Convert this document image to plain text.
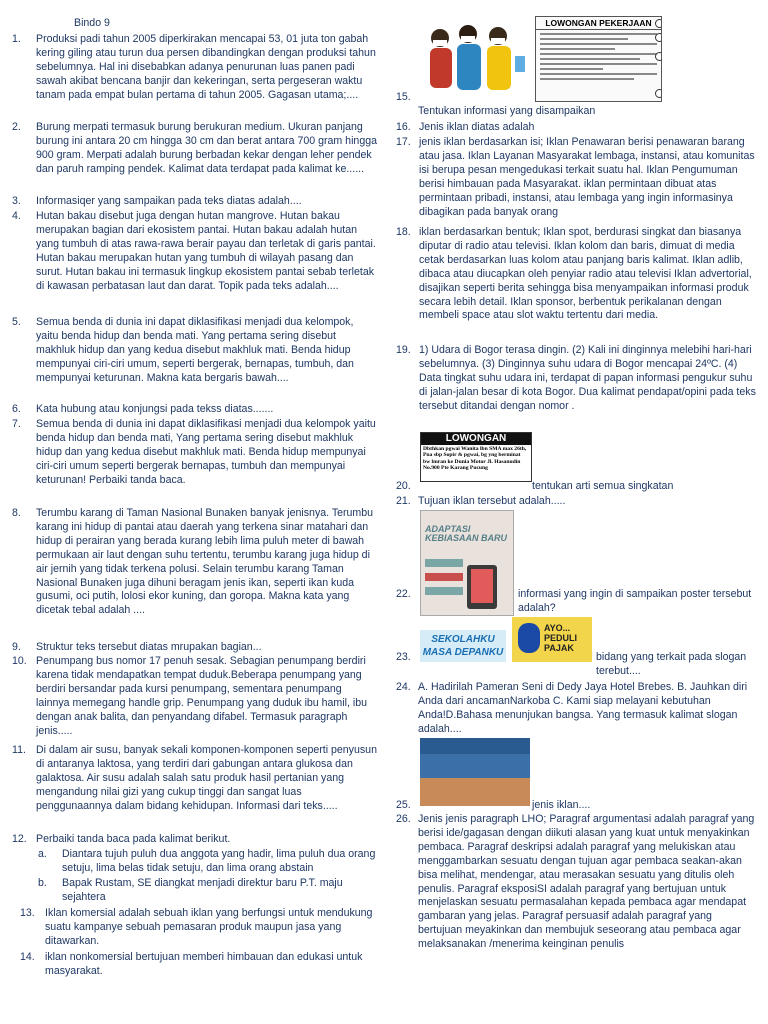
Bindo 9
1.	Produksi padi tahun 2005 diperkirakan mencapai 53, 01 juta ton gabah kering giling atau turun dua persen dibandingkan dengan produksi tahun sebelumnya. Hal ini disebabkan adanya penurunan luas panen padi sawah akibat bencana banjir dan kekeringan, serta pergeseran waktu tanam pada empat bulan pertama di tahun 2005. Gagasan utama;....
2.	Burung merpati termasuk burung berukuran medium. Ukuran panjang burung ini antara 20 cm hingga 30 cm dan berat antara 700 gram hingga 900 gram. Merpati adalah burung berbadan kekar dengan leher pendek dan paruh ramping pendek. Kalimat data terdapat pada kalimat ke......
3.	Informasiqer yang sampaikan pada teks diatas adalah....
4.	Hutan bakau disebut juga dengan hutan mangrove. Hutan bakau merupakan bagian dari ekosistem pantai. Hutan bakau adalah hutan yang tumbuh di atas rawa-rawa berair payau dan terletak di garis pantai. Hutan bakau merupakan hutan yang tumbuh di wilayah pasang dan surut. Hutan bakau ini termasuk lingkup ekosistem pantai sebab terletak di kawasan perbatasan laut dan darat. Topik pada teks adalah....
5.	Semua benda di dunia ini dapat diklasifikasi menjadi dua kelompok, yaitu benda hidup dan benda mati. Yang pertama sering disebut makhluk hidup dan yang kedua disebut makhluk mati. Benda hidup mempunyai ciri-ciri umum, seperti bergerak, bernapas, tumbuh, dan mempunyai keturunan. Makna kata bergaris bawah....
6.	Kata hubung atau konjungsi pada tekss diatas.......
7.	Semua benda di dunia ini dapat diklasifikasi menjadi dua kelompok yaitu benda hidup dan benda mati, Yang pertama sering disebut makhluk hidup dan yang kedua disebut makhluk mati. Benda hidup mempunyai ciri-ciri umum seperti bergerak bernapas, tumbuh dan mempunyai keturunan! Perbaiki tanda baca.
8.	Terumbu karang di Taman Nasional Bunaken banyak jenisnya. Terumbu karang ini hidup di pantai atau daerah yang terkena sinar matahari dan hidup di perairan yang berada kurang lebih lima puluh meter di bawah permukaan air laut dengan suhu tertentu, terumbu karang juga hidup di air jernih yang tidak terkena polusi. Selain terumbu karang Taman Nasional Bunaken juga dihuni beragam jenis ikan, seperti ikan kuda gusumi, oci putih, lolosi ekor kuning, dan goropa. Makna kata yang dicetak tebal adalah ....
9.	Struktur teks tersebut diatas mrupakan bagian...
10. Penumpang bus nomor 17 penuh sesak. Sebagian penumpang berdiri karena tidak mendapatkan tempat duduk.Beberapa penumpang yang berdiri bersandar pada kursi penumpang, sementara penumpang lainnya memegang handle grip. Penumpang yang duduk ibu hamil, ibu dengan anak balita, dan penyandang difabel. Termasuk paragraph jenis.....
11. Di dalam air susu, banyak sekali komponen-komponen seperti penyusun di antaranya laktosa, yang terdiri dari gabungan antara glukosa dan galaktosa. Air susu adalah salah satu produk hasil pertanian yang mengandung nilai gizi yang cukup tinggi dan sangat luas penggunaannya dalam bidang kehidupan. Informasi dari teks.....
12. Perbaiki tanda baca pada kalimat berikut.
a.	Diantara tujuh puluh dua anggota yang hadir, lima puluh dua orang setuju, lima belas tidak setuju, dan lima orang abstain
b.	Bapak Rustam, SE diangkat menjadi direktur baru P.T. maju sejahtera
13. Iklan komersial adalah sebuah iklan yang berfungsi untuk mendukung suatu kampanye sebuah pemasaran produk maupun jasa yang ditawarkan.
14. iklan nonkomersial bertujuan memberi himbauan dan edukasi untuk masyarakat.
LOWONGAN PEKERJAAN
15.
Tentukan informasi yang disampaikan
16. Jenis iklan diatas adalah
17. jenis iklan berdasarkan isi; Iklan Penawaran berisi penawaran barang atau jasa. Iklan Layanan Masyarakat lembaga, instansi, atau komunitas isi berupa pesan mengedukasi terkait suatu hal. Iklan Pengumuman berisi himbauan pada Masyarakat. iklan permintaan dibuat atas permintaan pribadi, instansi, atau lembaga yang ingin informasinya dibagikan pada banyak orang
18. iklan berdasarkan bentuk; Iklan spot, berdurasi singkat dan biasanya diputar di radio atau televisi. Iklan kolom dan baris, dimuat di media cetak berdasarkan luas kolom atau panjang baris kalimat. Iklan adlib, dibaca atau diucapkan oleh penyiar radio atau televisi Iklan advertorial, disajikan seperti berita sehingga bisa menyampaikan informasi produk secara lebih detail. Iklan sponsor, berbentuk perikalanan dengan membeli space atau slot waktu tertentu dari media.
19. 1) Udara di Bogor terasa dingin. (2) Kali ini dinginnya melebihi hari-hari sebelumnya. (3) Dinginnya suhu udara di Bogor mencapai 24ºC. (4) Data tingkat suhu udara ini, terdapat di papan informasi pengukur suhu di jalan-jalan besar di kota Bogor. Dua kalimat pendapat/opini pada teks tersebut ditandai dengan nomor .
LOWONGAN
Dbthkan pgwai Wanita lbn SMA max 26th, Pna sbp Sopir & pgwai, bg yng berminat bw lmran ke Dunia Motor Jl. Hasanudin No.900 Pte Karang Pucung
20.	tentukan arti semua singkatan
21. Tujuan iklan tersebut adalah.....
ADAPTASI KEBIASAAN BARU
22.	informasi yang ingin di sampaikan poster tersebut adalah?
SEKOLAHKU MASA DEPANKU
AYO... PEDULI PAJAK
23.	bidang yang terkait pada slogan terebut....
24. A. Hadirilah Pameran Seni di Dedy Jaya Hotel Brebes. B. Jauhkan diri Anda dari ancamanNarkoba C. Kami siap melayani kebutuhan Anda!D.Bahasa menunjukan bangsa. Yang termasuk kalimat slogan adalah....
25.	jenis iklan....
26. Jenis jenis paragraph LHO; Paragraf argumentasi adalah paragraf yang berisi ide/gagasan dengan diikuti alasan yang kuat untuk menyakinkan pembaca. Paragraf deskripsi adalah paragraf yang melukiskan atau menggambarkan sesuatu dengan tujuan agar pembaca seakan-akan bisa melihat, mendengar, atau merasakan sesuatu yang ditulis oleh penulis. Paragraf eksposiSI adalah paragraf yang bertujuan untuk menjelaskan sesuatu permasalahan kepada pembaca agar mendapat gambaran yang jelas. Paragraf persuasif adalah paragraf yang bertujuan meyakinkan dan membujuk seseorang atau pembaca agar melaksanakan /menerima keinginan penulis
